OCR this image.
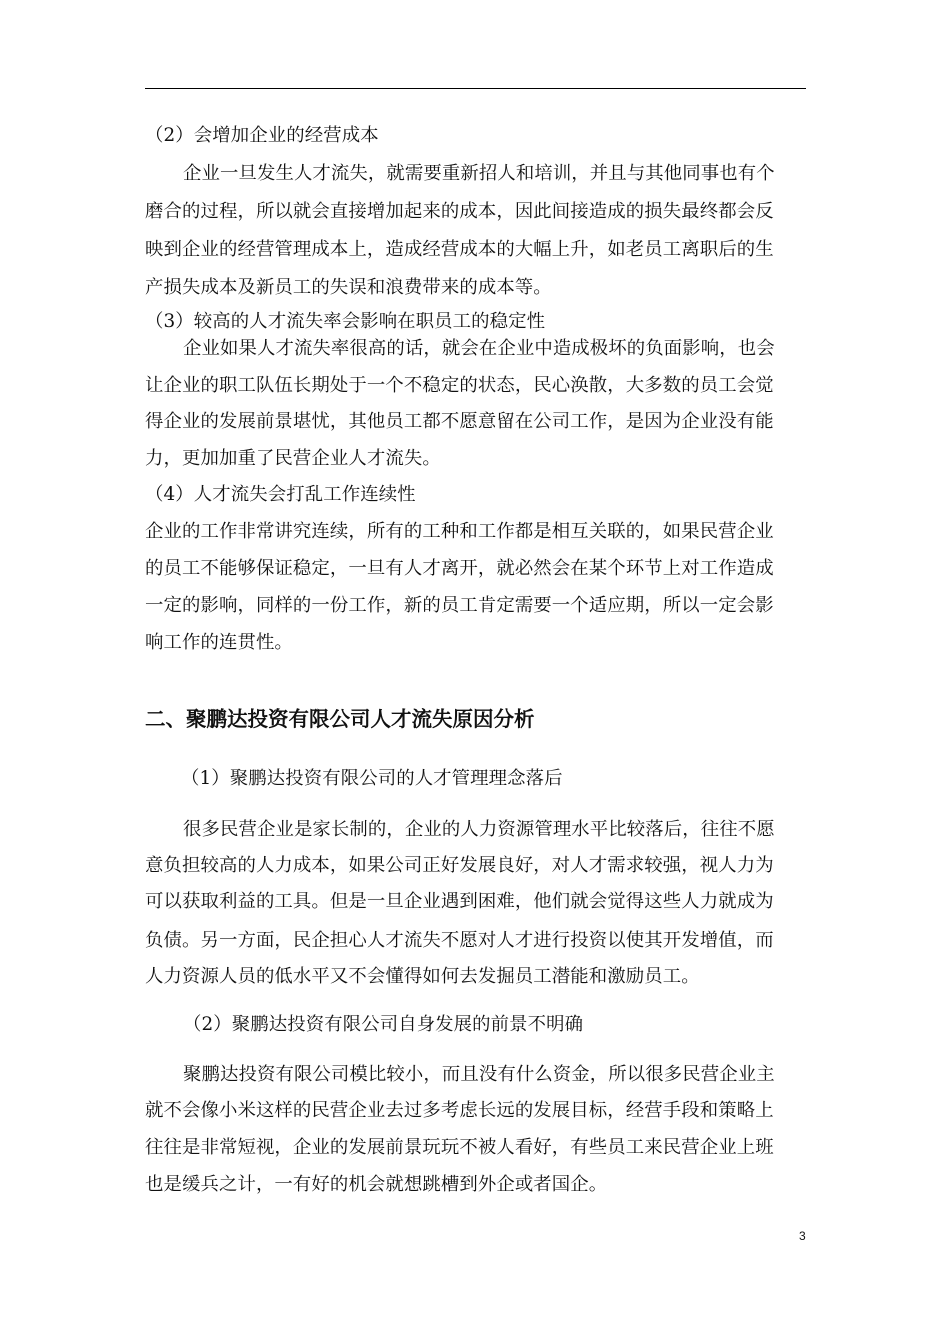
（2）会增加企业的经营成本
企业一旦发生人才流失，就需要重新招人和培训，并且与其他同事也有个
磨合的过程，所以就会直接增加起来的成本，因此间接造成的损失最终都会反
映到企业的经营管理成本上，造成经营成本的大幅上升，如老员工离职后的生
产损失成本及新员工的失误和浪费带来的成本等。
（3）较高的人才流失率会影响在职员工的稳定性
企业如果人才流失率很高的话，就会在企业中造成极坏的负面影响，也会
让企业的职工队伍长期处于一个不稳定的状态，民心涣散，大多数的员工会觉
得企业的发展前景堪忧，其他员工都不愿意留在公司工作，是因为企业没有能
力，更加加重了民营企业人才流失。
（4）人才流失会打乱工作连续性
企业的工作非常讲究连续，所有的工种和工作都是相互关联的，如果民营企业
的员工不能够保证稳定，一旦有人才离开，就必然会在某个环节上对工作造成
一定的影响，同样的一份工作，新的员工肯定需要一个适应期，所以一定会影
响工作的连贯性。
二、聚鹏达投资有限公司人才流失原因分析
（1）聚鹏达投资有限公司的人才管理理念落后
很多民营企业是家长制的，企业的人力资源管理水平比较落后，往往不愿
意负担较高的人力成本，如果公司正好发展良好，对人才需求较强，视人力为
可以获取利益的工具。但是一旦企业遇到困难，他们就会觉得这些人力就成为
负债。另一方面，民企担心人才流失不愿对人才进行投资以使其开发增值，而
人力资源人员的低水平又不会懂得如何去发掘员工潜能和激励员工。
（2）聚鹏达投资有限公司自身发展的前景不明确
聚鹏达投资有限公司模比较小，而且没有什么资金，所以很多民营企业主
就不会像小米这样的民营企业去过多考虑长远的发展目标，经营手段和策略上
往往是非常短视，企业的发展前景玩玩不被人看好，有些员工来民营企业上班
也是缓兵之计，一有好的机会就想跳槽到外企或者国企。
3
